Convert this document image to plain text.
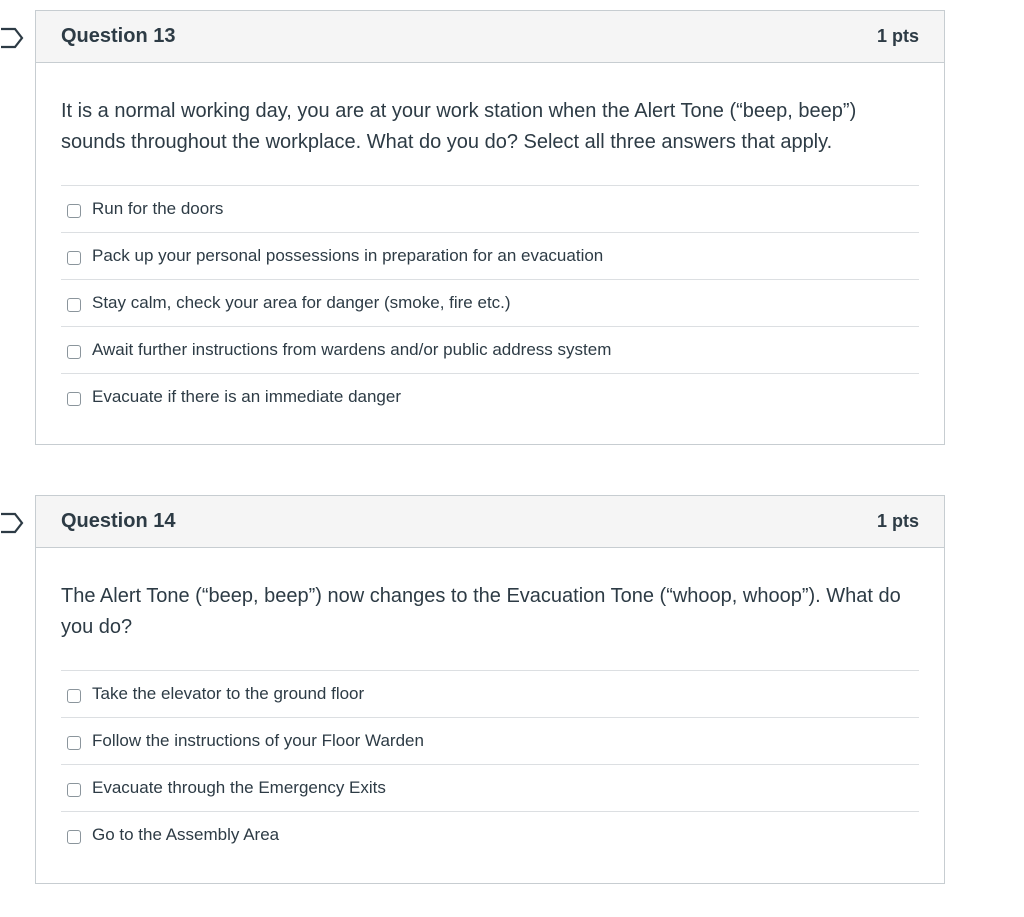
Question 13	1 pts

It is a normal working day, you are at your work station when the Alert Tone (“beep, beep”) sounds throughout the workplace. What do you do? Select all three answers that apply.

Run for the doors
Pack up your personal possessions in preparation for an evacuation
Stay calm, check your area for danger (smoke, fire etc.)
Await further instructions from wardens and/or public address system
Evacuate if there is an immediate danger
Question 14	1 pts

The Alert Tone (“beep, beep”) now changes to the Evacuation Tone (“whoop, whoop”). What do you do?

Take the elevator to the ground floor
Follow the instructions of your Floor Warden
Evacuate through the Emergency Exits
Go to the Assembly Area
